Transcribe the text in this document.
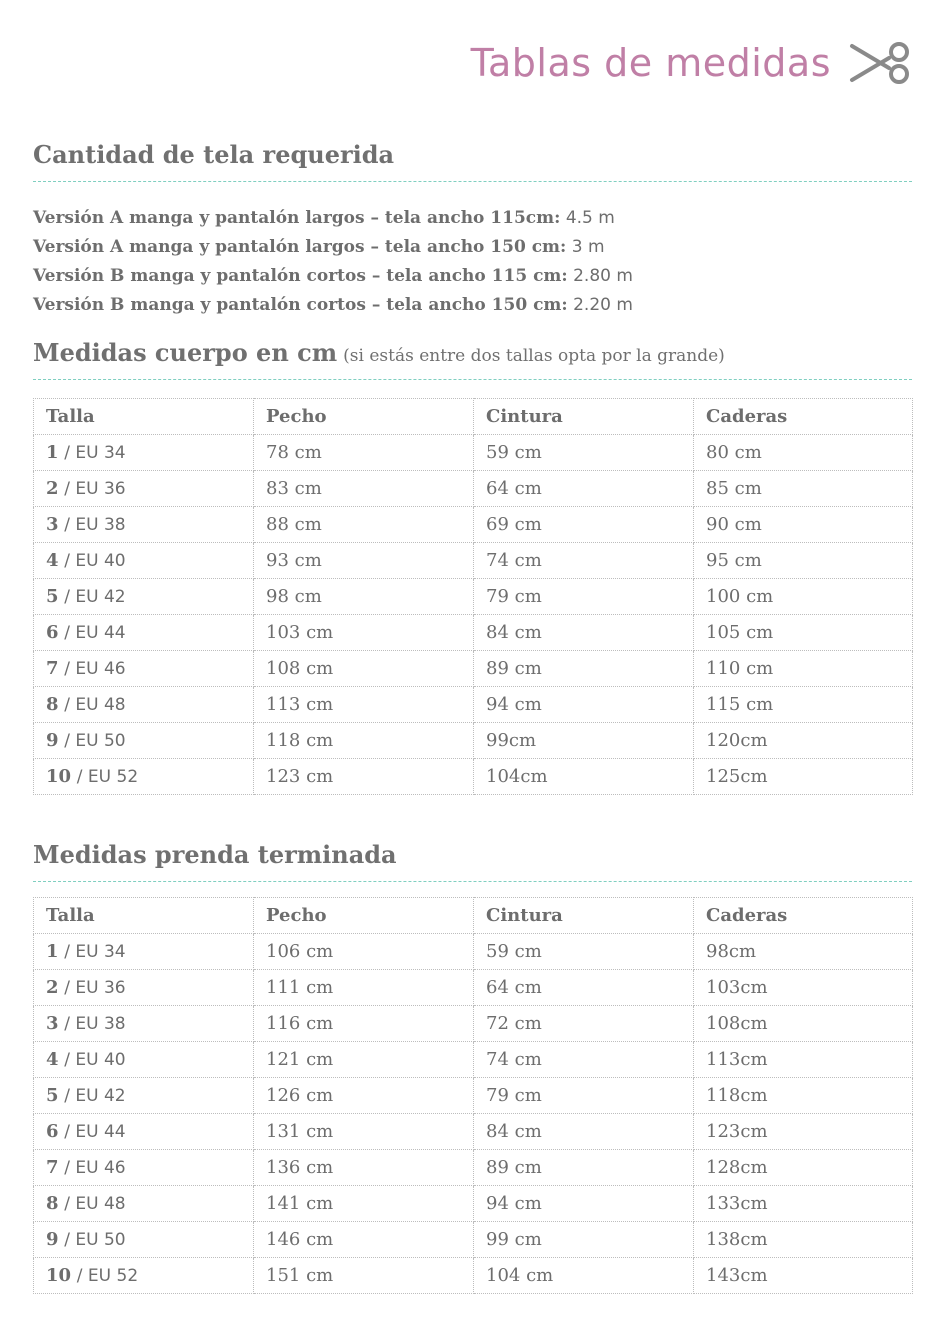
Tablas de medidas
Cantidad de tela requerida
Versión A manga y pantalón largos – tela ancho 115cm: 4.5 m
Versión A manga y pantalón largos – tela ancho 150 cm: 3 m
Versión B manga y pantalón cortos – tela ancho 115 cm: 2.80 m
Versión B manga y pantalón cortos – tela ancho 150 cm: 2.20 m
Medidas cuerpo en cm (si estás entre dos tallas opta por la grande)
Talla	Pecho	Cintura	Caderas
1 / EU 34	78 cm	59 cm	80 cm
2 / EU 36	83 cm	64 cm	85 cm
3 / EU 38	88 cm	69 cm	90 cm
4 / EU 40	93 cm	74 cm	95 cm
5 / EU 42	98 cm	79 cm	100 cm
6 / EU 44	103 cm	84 cm	105 cm
7 / EU 46	108 cm	89 cm	110 cm
8 / EU 48	113 cm	94 cm	115 cm
9 / EU 50	118 cm	99cm	120cm
10 / EU 52	123 cm	104cm	125cm
Medidas prenda terminada
Talla	Pecho	Cintura	Caderas
1 / EU 34	106 cm	59 cm	98cm
2 / EU 36	111 cm	64 cm	103cm
3 / EU 38	116 cm	72 cm	108cm
4 / EU 40	121 cm	74 cm	113cm
5 / EU 42	126 cm	79 cm	118cm
6 / EU 44	131 cm	84 cm	123cm
7 / EU 46	136 cm	89 cm	128cm
8 / EU 48	141 cm	94 cm	133cm
9 / EU 50	146 cm	99 cm	138cm
10 / EU 52	151 cm	104 cm	143cm
